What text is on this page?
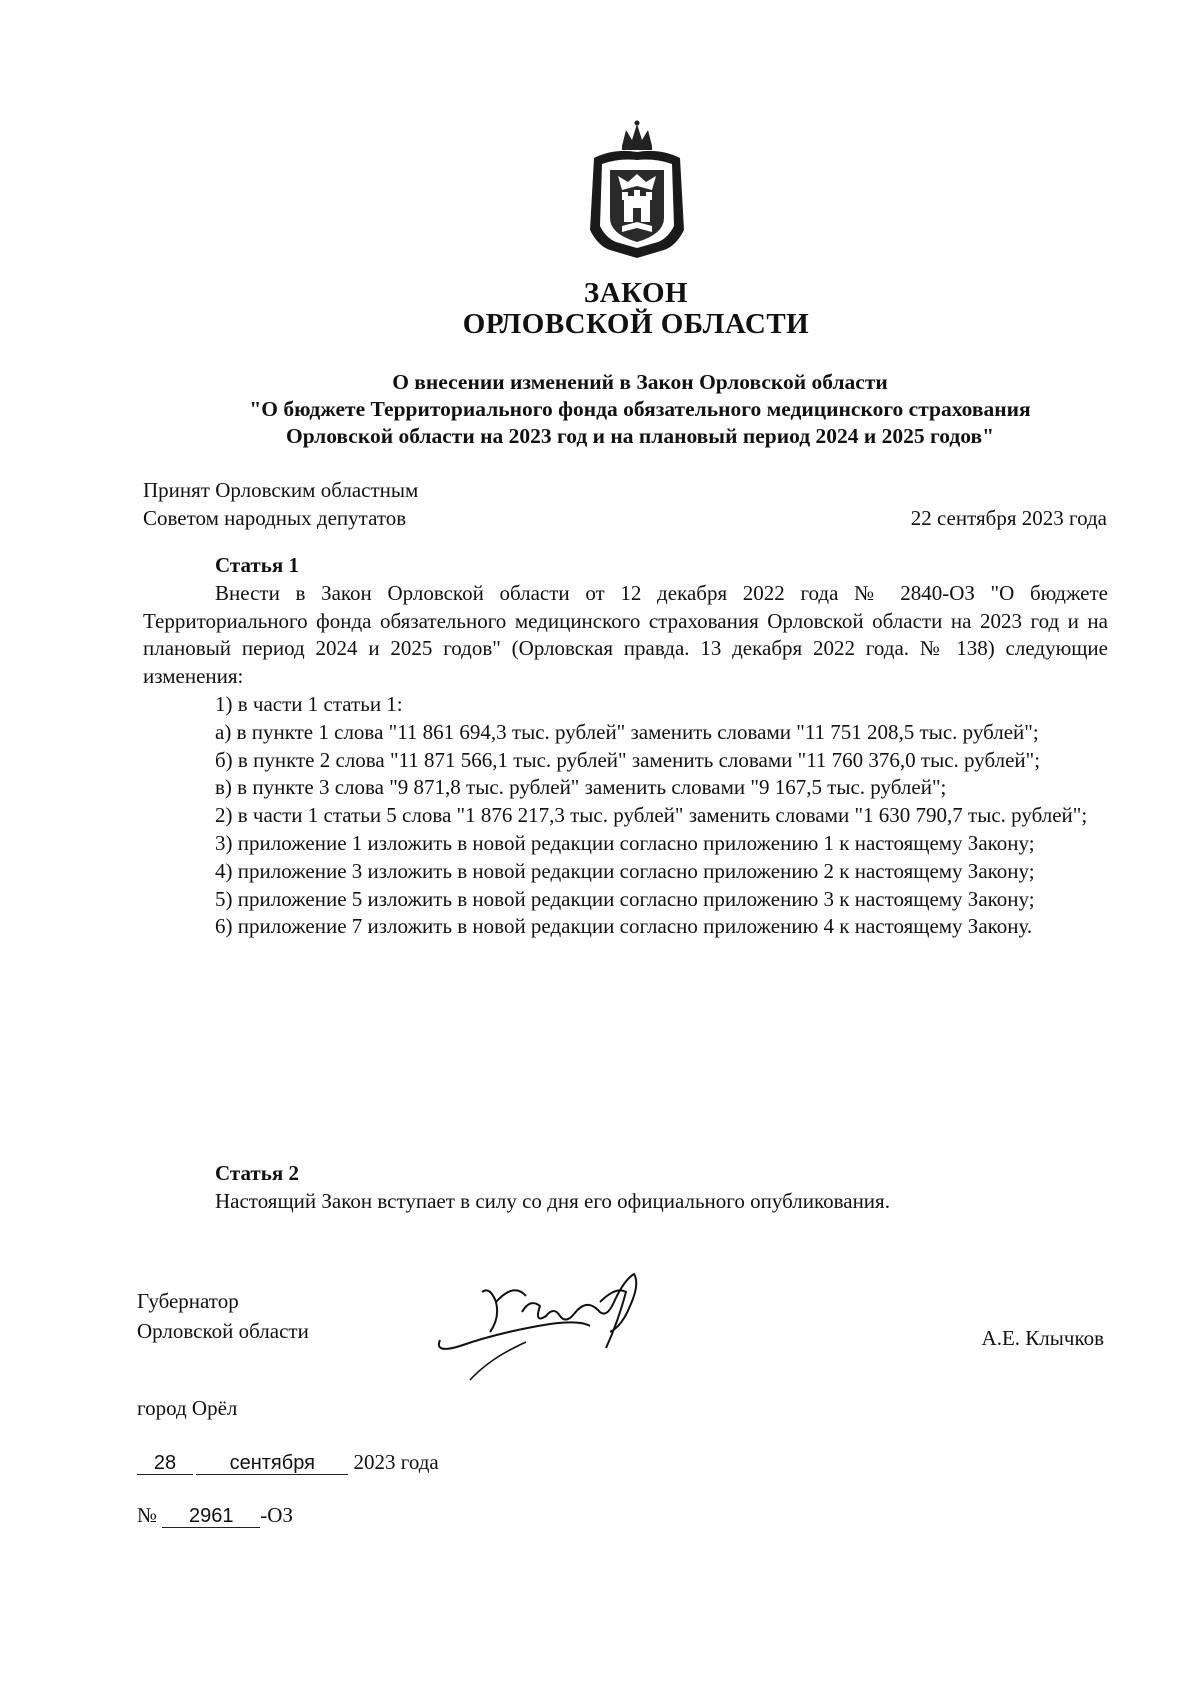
ЗАКОН
ОРЛОВСКОЙ ОБЛАСТИ
О внесении изменений в Закон Орловской области
"О бюджете Территориального фонда обязательного медицинского страхования
Орловской области на 2023 год и на плановый период 2024 и 2025 годов"
Принят Орловским областным
Советом народных депутатов	22 сентября 2023 года

Статья 1

Внести в Закон Орловской области от 12 декабря 2022 года № 2840-ОЗ "О бюджете Территориального фонда обязательного медицинского страхования Орловской области на 2023 год и на плановый период 2024 и 2025 годов" (Орловская правда. 13 декабря 2022 года. № 138) следующие изменения:

1) в части 1 статьи 1:

а) в пункте 1 слова "11 861 694,3 тыс. рублей" заменить словами "11 751 208,5 тыс. рублей";

б) в пункте 2 слова "11 871 566,1 тыс. рублей" заменить словами "11 760 376,0 тыс. рублей";

в) в пункте 3 слова "9 871,8 тыс. рублей" заменить словами "9 167,5 тыс. рублей";

2) в части 1 статьи 5 слова "1 876 217,3 тыс. рублей" заменить словами "1 630 790,7 тыс. рублей";

3) приложение 1 изложить в новой редакции согласно приложению 1 к настоящему Закону;

4) приложение 3 изложить в новой редакции согласно приложению 2 к настоящему Закону;

5) приложение 5 изложить в новой редакции согласно приложению 3 к настоящему Закону;

6) приложение 7 изложить в новой редакции согласно приложению 4 к настоящему Закону.

Статья 2

Настоящий Закон вступает в силу со дня его официального опубликования.

Губернатор
Орловской области	А.Е. Клычков
город Орёл
28	сентября 2023 года
№ 2961 -ОЗ
